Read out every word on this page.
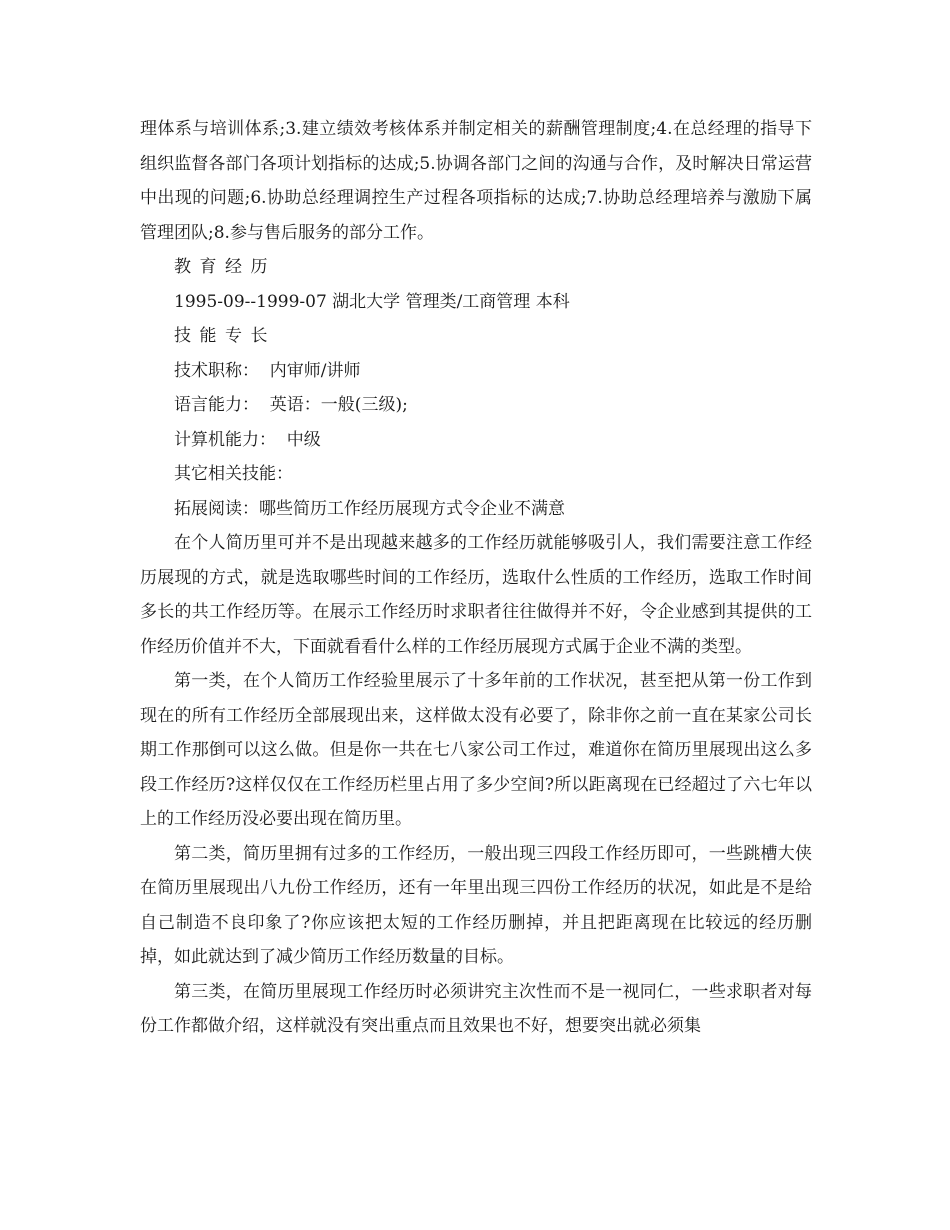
理体系与培训体系;3.建立绩效考核体系并制定相关的薪酬管理制度;4.在总经理的指导下组织监督各部门各项计划指标的达成;5.协调各部门之间的沟通与合作，及时解决日常运营中出现的问题;6.协助总经理调控生产过程各项指标的达成;7.协助总经理培养与激励下属管理团队;8.参与售后服务的部分工作。

教育经历

1995-09--1999-07 湖北大学 管理类/工商管理 本科

技能专长

技术职称：  内审师/讲师

语言能力：  英语：一般(三级);

计算机能力：  中级

其它相关技能：

拓展阅读：哪些简历工作经历展现方式令企业不满意

在个人简历里可并不是出现越来越多的工作经历就能够吸引人，我们需要注意工作经历展现的方式，就是选取哪些时间的工作经历，选取什么性质的工作经历，选取工作时间多长的共工作经历等。在展示工作经历时求职者往往做得并不好，令企业感到其提供的工作经历价值并不大，下面就看看什么样的工作经历展现方式属于企业不满的类型。

第一类，在个人简历工作经验里展示了十多年前的工作状况，甚至把从第一份工作到现在的所有工作经历全部展现出来，这样做太没有必要了，除非你之前一直在某家公司长期工作那倒可以这么做。但是你一共在七八家公司工作过，难道你在简历里展现出这么多段工作经历?这样仅仅在工作经历栏里占用了多少空间?所以距离现在已经超过了六七年以上的工作经历没必要出现在简历里。

第二类，简历里拥有过多的工作经历，一般出现三四段工作经历即可，一些跳槽大侠在简历里展现出八九份工作经历，还有一年里出现三四份工作经历的状况，如此是不是给自己制造不良印象了?你应该把太短的工作经历删掉，并且把距离现在比较远的经历删掉，如此就达到了减少简历工作经历数量的目标。

第三类，在简历里展现工作经历时必须讲究主次性而不是一视同仁，一些求职者对每份工作都做介绍，这样就没有突出重点而且效果也不好，想要突出就必须集
